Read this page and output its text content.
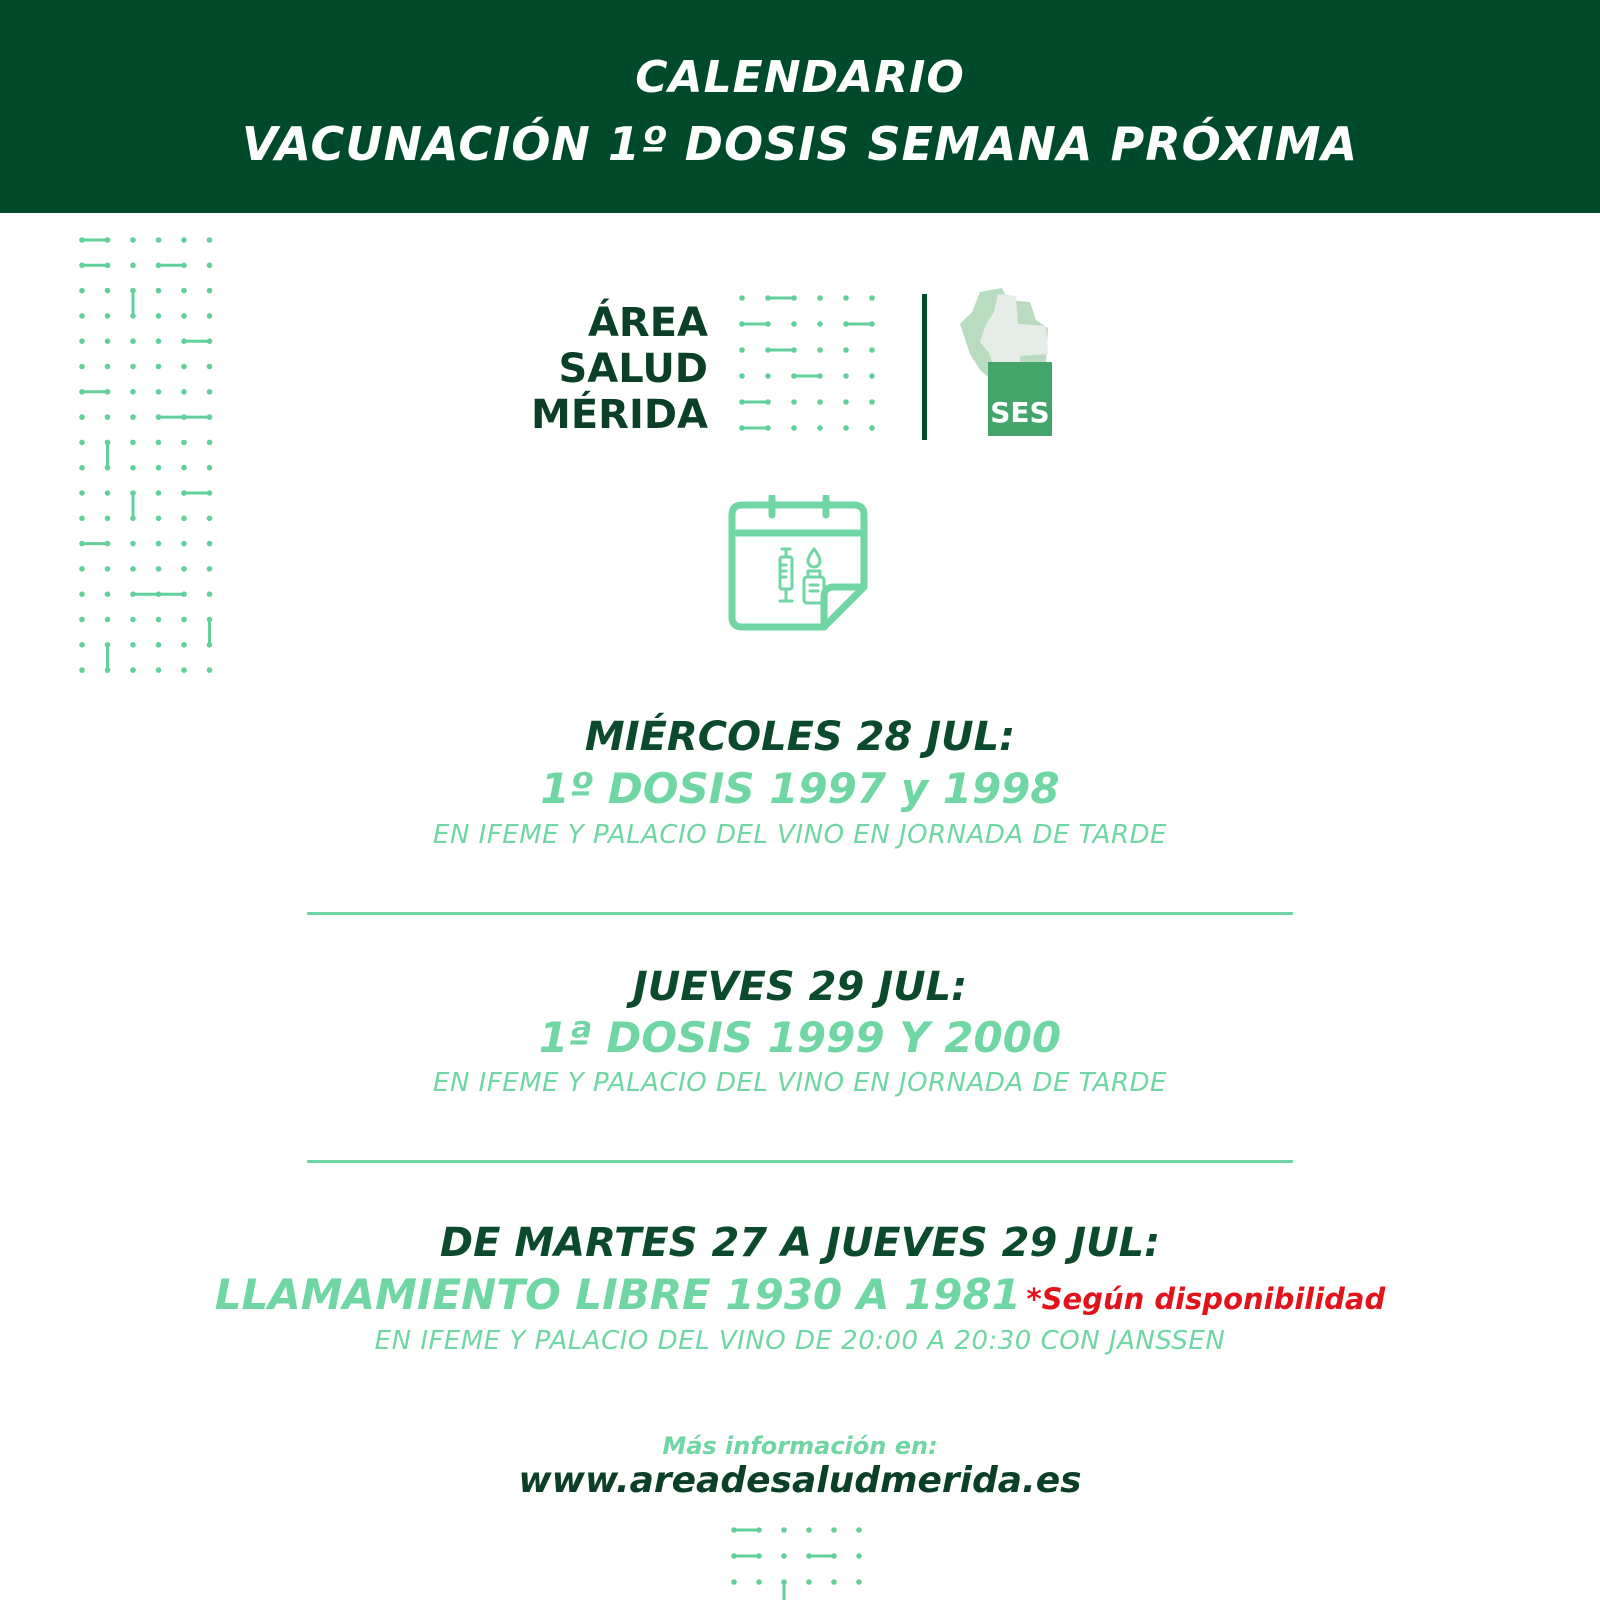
CALENDARIO
VACUNACIÓN 1º DOSIS SEMANA PRÓXIMA
ÁREA
SALUD
MÉRIDA	SES
MIÉRCOLES 28 JUL:
1º DOSIS 1997 y 1998
EN IFEME Y PALACIO DEL VINO EN JORNADA DE TARDE
JUEVES 29 JUL:
1ª DOSIS 1999 Y 2000
EN IFEME Y PALACIO DEL VINO EN JORNADA DE TARDE
DE MARTES 27 A JUEVES 29 JUL:
LLAMAMIENTO LIBRE 1930 A 1981 *Según disponibilidad
EN IFEME Y PALACIO DEL VINO DE 20:00 A 20:30 CON JANSSEN
Más información en:
www.areadesaludmerida.es
